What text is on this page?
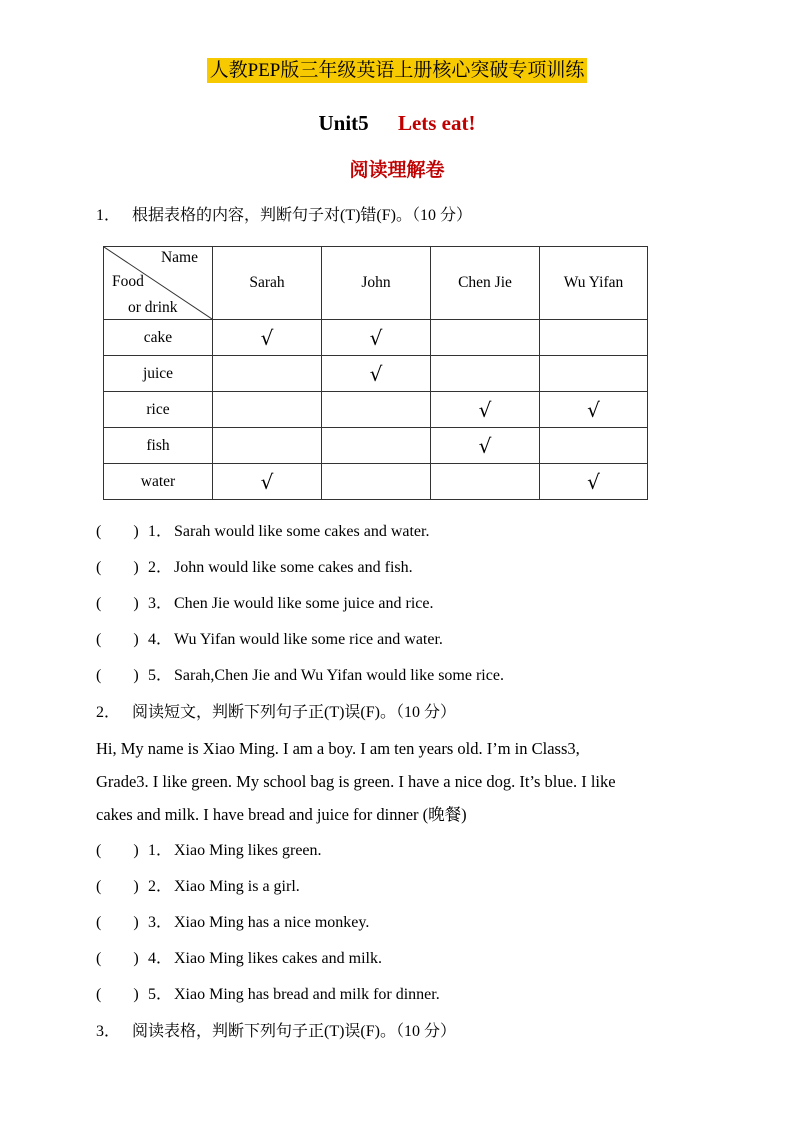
人教PEP版三年级英语上册核心突破专项训练
Unit5 Lets eat!
阅读理解卷
1． 根据表格的内容，判断句子对(T)错(F)。（10 分）
Name
Food
or drink	Sarah	John	Chen Jie	Wu Yifan
cake	√	√		
juice		√		
rice			√	√
fish			√	
water	√			√
(　　) 1． Sarah would like some cakes and water.
(　　) 2． John would like some cakes and fish.
(　　) 3． Chen Jie would like some juice and rice.
(　　) 4． Wu Yifan would like some rice and water.
(　　) 5． Sarah,Chen Jie and Wu Yifan would like some rice.
2． 阅读短文，判断下列句子正(T)误(F)。（10 分）
Hi, My name is Xiao Ming. I am a boy. I am ten years old. I’m in Class3,
Grade3. I like green. My school bag is green. I have a nice dog. It’s blue. I like
cakes and milk. I have bread and juice for dinner (晚餐)
(　　) 1． Xiao Ming likes green.
(　　) 2． Xiao Ming is a girl.
(　　) 3． Xiao Ming has a nice monkey.
(　　) 4． Xiao Ming likes cakes and milk.
(　　) 5． Xiao Ming has bread and milk for dinner.
3． 阅读表格，判断下列句子正(T)误(F)。（10 分）
